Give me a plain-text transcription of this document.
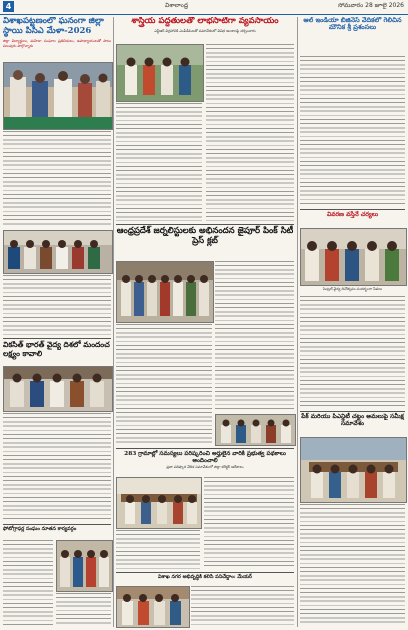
4	విశాలాంధ్ర	సోమవారం 28 జూలై 2026
విశాఖపట్టణంలో ఘనంగా జిల్లా స్థాయి పిసిఎ మేళా-2026
జిల్లా విద్యార్థులు, మహిళా సంఘాల ప్రతినిధులు, ఉపాధ్యాయులతో పాటు పలువురు పాల్గొన్నారు
వికసిత్ భారత్ వైద్య దిశలో మందంచ లక్ష్యం కావాలి
ఫోటోగ్రాఫర్ల సంఘం నూతన కార్యవర్గం
శాస్త్రీయ పద్దతులతో లాభసాటిగా వ్యవసాయం
ఎన్టీఆర్ విగ్రహానికి ఎంపీడీఓలతో సమావేశంలో వివిధ అంశాలపై చర్చించారు
ఆంధ్రప్రదేశ్ జర్నలిస్టులకు అభినందన జైపూర్ పింక్ సిటీ ప్రెస్ క్లబ్
283 గ్రామాల్లో సమస్యలు పరిష్కరించి అర్హులైన వారికి ప్రభుత్వ పథకాలు అందించాలి
ప్రజా పరిష్కార వేదిక సమావేశంలో జిల్లా కలెక్టర్ ఆదేశాలు
విశాఖ నగర అభివృద్ధికి కలిసి పనిచేద్దాం: మేయర్
ఆల్ ఇండియా బిజినెస్ వేదికలో గెలిచిన మౌనిక శ్రీ ప్రశంసలు
వివరణ వస్తేనే చర్యలు
సెంట్రల్ వైద్య దినోత్సవం సందర్భంగా సేవలు
పేక్ మరియు పిఎన్డిటీ చట్టం అమలుపై సమీక్ష సమావేశం
